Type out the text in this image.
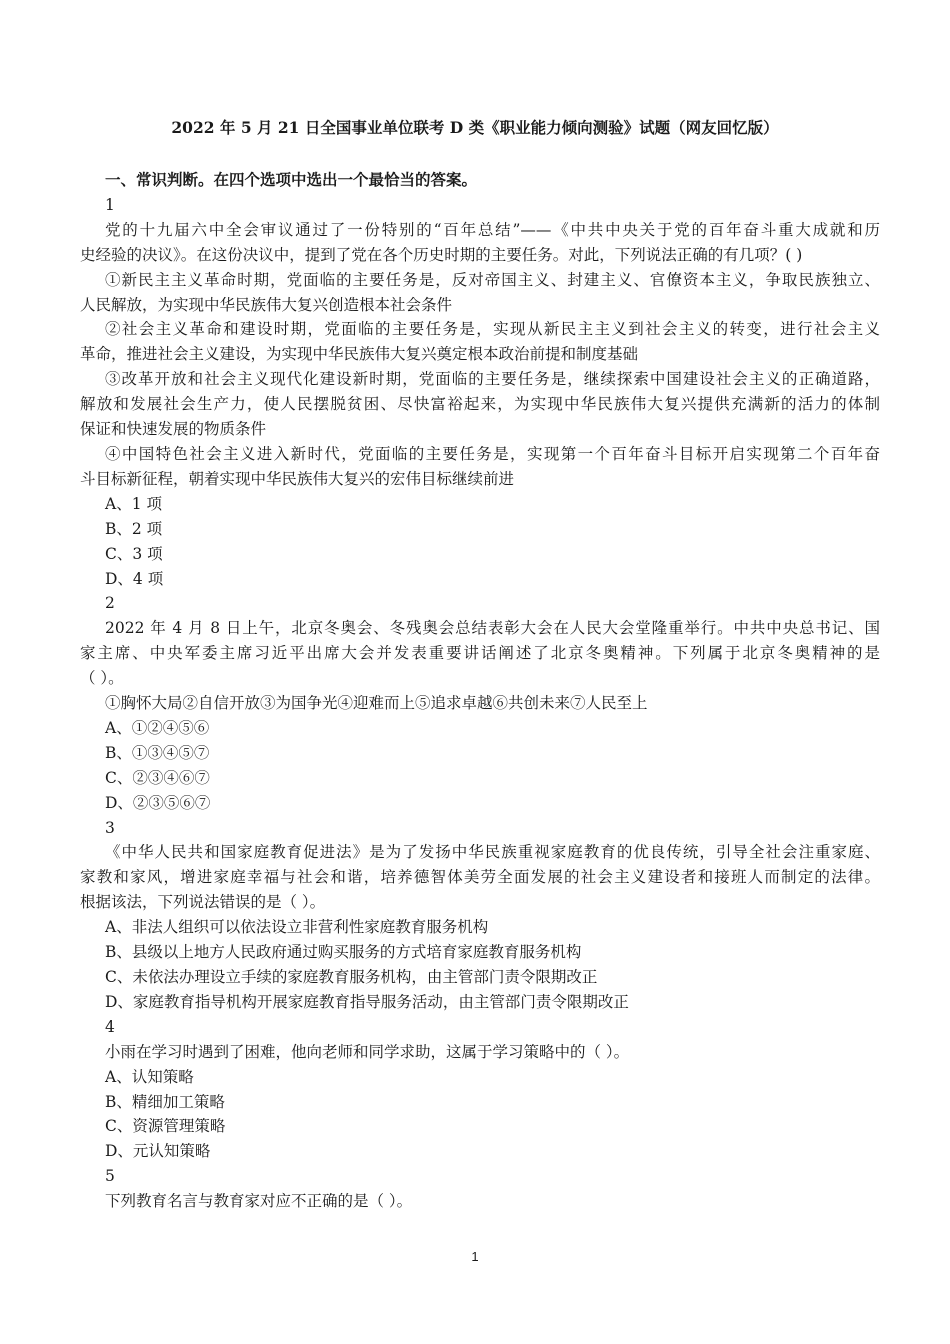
2022 年 5 月 21 日全国事业单位联考 D 类《职业能力倾向测验》试题（网友回忆版）
一、常识判断。在四个选项中选出一个最恰当的答案。
1
党的十九届六中全会审议通过了一份特别的“百年总结”——《中共中央关于党的百年奋斗重大成就和历
史经验的决议》。在这份决议中，提到了党在各个历史时期的主要任务。对此，下列说法正确的有几项？( )
①新民主主义革命时期，党面临的主要任务是，反对帝国主义、封建主义、官僚资本主义，争取民族独立、
人民解放，为实现中华民族伟大复兴创造根本社会条件
②社会主义革命和建设时期，党面临的主要任务是，实现从新民主主义到社会主义的转变，进行社会主义
革命，推进社会主义建设，为实现中华民族伟大复兴奠定根本政治前提和制度基础
③改革开放和社会主义现代化建设新时期，党面临的主要任务是，继续探索中国建设社会主义的正确道路，
解放和发展社会生产力，使人民摆脱贫困、尽快富裕起来，为实现中华民族伟大复兴提供充满新的活力的体制
保证和快速发展的物质条件
④中国特色社会主义进入新时代，党面临的主要任务是，实现第一个百年奋斗目标开启实现第二个百年奋
斗目标新征程，朝着实现中华民族伟大复兴的宏伟目标继续前进
A、1 项
B、2 项
C、3 项
D、4 项
2
2022 年 4 月 8 日上午，北京冬奥会、冬残奥会总结表彰大会在人民大会堂隆重举行。中共中央总书记、国
家主席、中央军委主席习近平出席大会并发表重要讲话阐述了北京冬奥精神。下列属于北京冬奥精神的是
（ ）。
①胸怀大局②自信开放③为国争光④迎难而上⑤追求卓越⑥共创未来⑦人民至上
A、①②④⑤⑥
B、①③④⑤⑦
C、②③④⑥⑦
D、②③⑤⑥⑦
3
《中华人民共和国家庭教育促进法》是为了发扬中华民族重视家庭教育的优良传统，引导全社会注重家庭、
家教和家风，增进家庭幸福与社会和谐，培养德智体美劳全面发展的社会主义建设者和接班人而制定的法律。
根据该法，下列说法错误的是（ ）。
A、非法人组织可以依法设立非营利性家庭教育服务机构
B、县级以上地方人民政府通过购买服务的方式培育家庭教育服务机构
C、未依法办理设立手续的家庭教育服务机构，由主管部门责令限期改正
D、家庭教育指导机构开展家庭教育指导服务活动，由主管部门责令限期改正
4
小雨在学习时遇到了困难，他向老师和同学求助，这属于学习策略中的（ ）。
A、认知策略
B、精细加工策略
C、资源管理策略
D、元认知策略
5
下列教育名言与教育家对应不正确的是（ ）。
1
